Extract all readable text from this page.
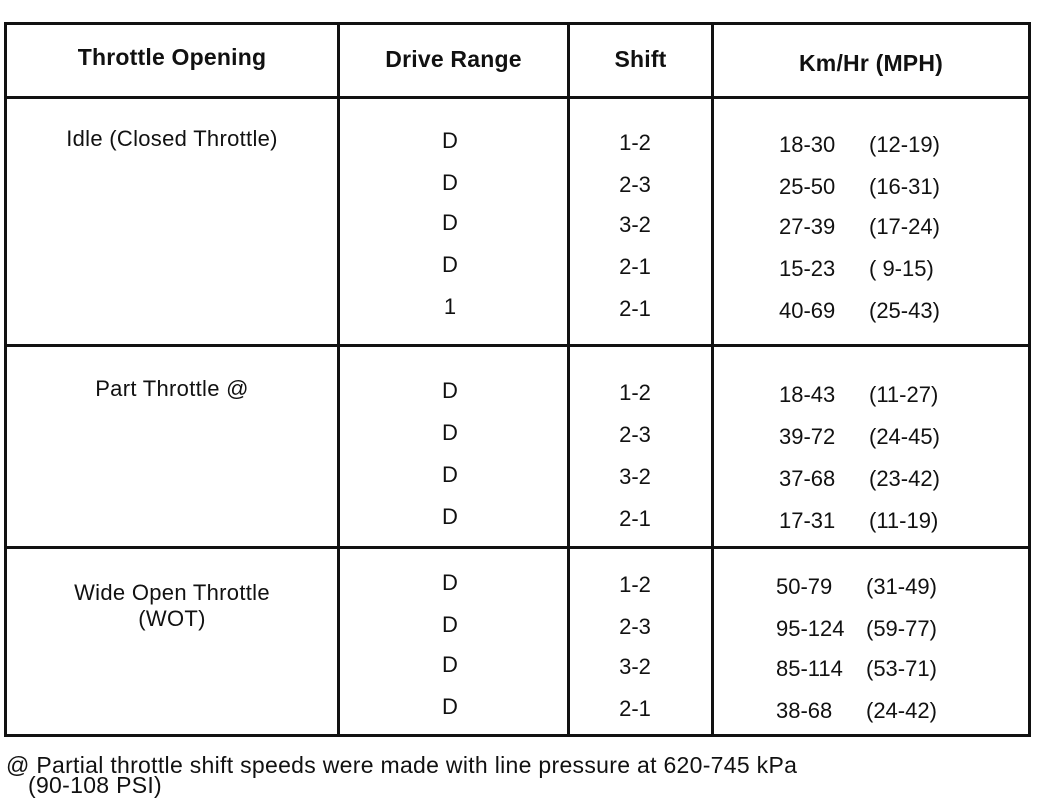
Throttle Opening	Drive Range	Shift	Km/Hr (MPH)
Idle (Closed Throttle)	D	1-2	18-30 (12-19)
D	2-3	25-50 (16-31)
D	3-2	27-39 (17-24)
D	2-1	15-23 ( 9-15)
1	2-1	40-69 (25-43)
Part Throttle @	D	1-2	18-43 (11-27)
D	2-3	39-72 (24-45)
D	3-2	37-68 (23-42)
D	2-1	17-31 (11-19)
Wide Open Throttle
(WOT)
D	1-2	50-79 (31-49)
D	2-3	95-124 (59-77)
D	3-2	85-114 (53-71)
D	2-1	38-68 (24-42)
@ Partial throttle shift speeds were made with line pressure at 620-745 kPa
(90-108 PSI)
